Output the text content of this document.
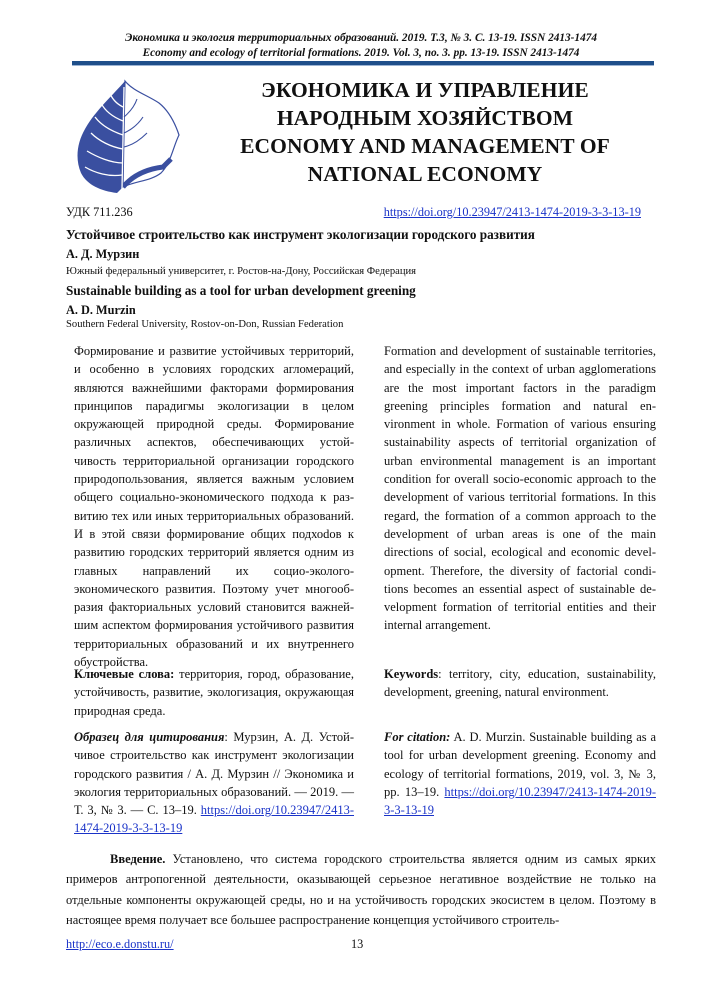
Экономика и экология территориальных образований. 2019. Т.3, № 3. С. 13-19. ISSN 2413-1474
Economy and ecology of territorial formations. 2019. Vol. 3, no. 3. pp. 13-19. ISSN 2413-1474
ЭКОНОМИКА И УПРАВЛЕНИЕ
НАРОДНЫМ ХОЗЯЙСТВОМ
ECONOMY AND MANAGEMENT OF
NATIONAL ECONOMY
УДК 711.236	https://doi.org/10.23947/2413-1474-2019-3-3-13-19
Устойчивое строительство как инструмент экологизации городского развития
А. Д. Мурзин
Южный федеральный университет, г. Ростов-на-Дону, Российская Федерация
Sustainable building as a tool for urban development greening
A. D. Murzin
Southern Federal University, Rostov-on-Don, Russian Federation
Формирование и развитие устойчивых территорий, и особенно в условиях городских агломераций, являются важнейшими факторами формирования принципов парадигмы экологизации в целом окружающей природной среды. Формирование различных аспектов, обеспечивающих устойчивость территориальной организации городского природопользования, является важным условием общего социально-экономического подхода к развитию тех или иных территориальных образований. И в этой связи формирование общих подхоdов к развитию городских территорий является одним из главных направлений их социо-эколого-экономического развития. Поэтому учет многообразия факториальных условий становится важнейшим аспектом формирования устойчивого развития территориальных образований и их внутреннего обустройства.
Formation and development of sustainable territories, and especially in the context of urban agglomerations are the most important factors in the paradigm greening principles formation and natural environment in whole. Formation of various ensuring sustainability aspects of territorial organization of urban environmental management is an important condition for overall socio-economic approach to the development of various territorial formations. In this regard, the formation of a common approach to the development of urban areas is one of the main directions of social, ecological and economic development. Therefore, the diversity of factorial conditions becomes an essential aspect of sustainable development formation of territorial entities and their internal arrangement.
Ключевые слова: территория, город, образование, устойчивость, развитие, экологизация, окружающая природная среда.
Keywords: territory, city, education, sustainability, development, greening, natural environment.
Образец для цитирования: Мурзин, А. Д. Устойчивое строительство как инструмент экологизации городского развития / А. Д. Мурзин // Экономика и экология территориальных образований. — 2019. — Т. 3, № 3. — С. 13–19. https://doi.org/10.23947/2413-1474-2019-3-3-13-19
For citation: A. D. Murzin. Sustainable building as a tool for urban development greening. Economy and ecology of territorial formations, 2019, vol. 3, № 3, pp. 13–19. https://doi.org/10.23947/2413-1474-2019-3-3-13-19
Введение. Установлено, что система городского строительства является одним из самых ярких примеров антропогенной деятельности, оказывающей серьезное негативное воздействие не только на отдельные компоненты окружающей среды, но и на устойчивость городских экосистем в целом. Поэтому в настоящее время получает все большее распространение концепция устойчивого строитель-
http://eco.e.donstu.ru/	13
